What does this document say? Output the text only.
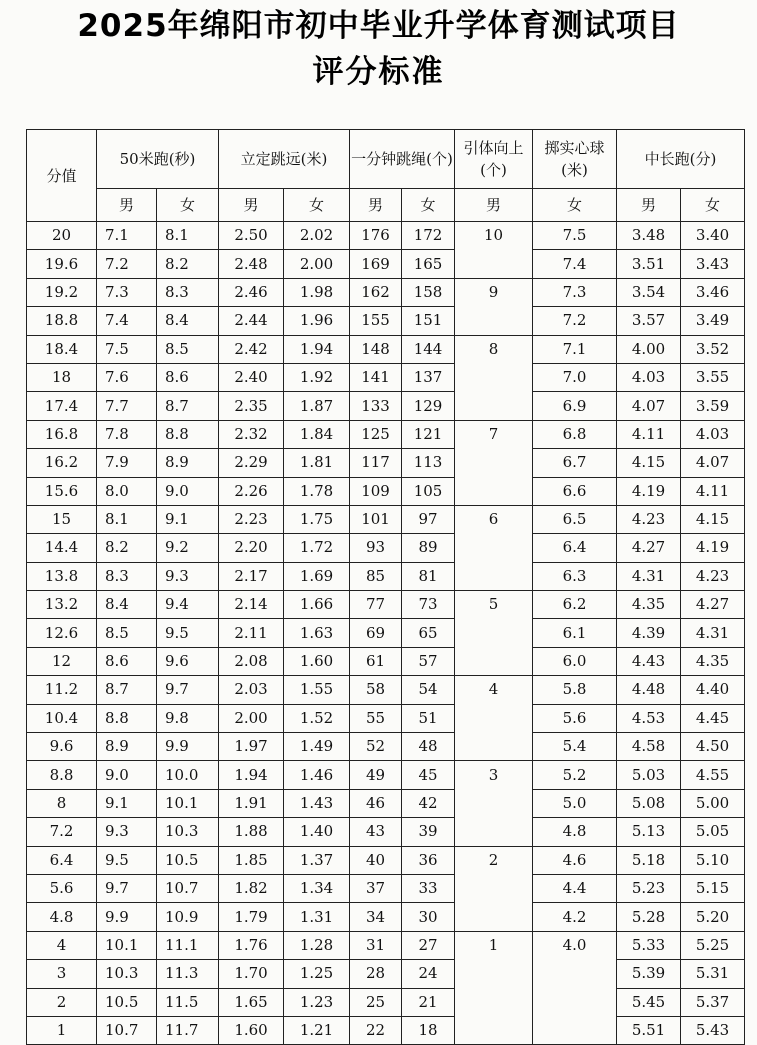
2025年绵阳市初中毕业升学体育测试项目
评分标准
分值	50米跑(秒)		立定跳远(米)		一分钟跳绳(个)		引体向上(个)	掷实心球(米)	中长跑(分)	
	男	女	男	女	男	女	男	女	男	女
20	7.1	8.1	2.50	2.02	176	172	10	7.5	3.48	3.40
19.6	7.2	8.2	2.48	2.00	169	165		7.4	3.51	3.43
19.2	7.3	8.3	2.46	1.98	162	158	9	7.3	3.54	3.46
18.8	7.4	8.4	2.44	1.96	155	151		7.2	3.57	3.49
18.4	7.5	8.5	2.42	1.94	148	144	8	7.1	4.00	3.52
18	7.6	8.6	2.40	1.92	141	137		7.0	4.03	3.55
17.4	7.7	8.7	2.35	1.87	133	129		6.9	4.07	3.59
16.8	7.8	8.8	2.32	1.84	125	121	7	6.8	4.11	4.03
16.2	7.9	8.9	2.29	1.81	117	113		6.7	4.15	4.07
15.6	8.0	9.0	2.26	1.78	109	105		6.6	4.19	4.11
15	8.1	9.1	2.23	1.75	101	97	6	6.5	4.23	4.15
14.4	8.2	9.2	2.20	1.72	93	89		6.4	4.27	4.19
13.8	8.3	9.3	2.17	1.69	85	81		6.3	4.31	4.23
13.2	8.4	9.4	2.14	1.66	77	73	5	6.2	4.35	4.27
12.6	8.5	9.5	2.11	1.63	69	65		6.1	4.39	4.31
12	8.6	9.6	2.08	1.60	61	57		6.0	4.43	4.35
11.2	8.7	9.7	2.03	1.55	58	54	4	5.8	4.48	4.40
10.4	8.8	9.8	2.00	1.52	55	51		5.6	4.53	4.45
9.6	8.9	9.9	1.97	1.49	52	48		5.4	4.58	4.50
8.8	9.0	10.0	1.94	1.46	49	45	3	5.2	5.03	4.55
8	9.1	10.1	1.91	1.43	46	42		5.0	5.08	5.00
7.2	9.3	10.3	1.88	1.40	43	39		4.8	5.13	5.05
6.4	9.5	10.5	1.85	1.37	40	36	2	4.6	5.18	5.10
5.6	9.7	10.7	1.82	1.34	37	33		4.4	5.23	5.15
4.8	9.9	10.9	1.79	1.31	34	30		4.2	5.28	5.20
4	10.1	11.1	1.76	1.28	31	27	1	4.0	5.33	5.25
3	10.3	11.3	1.70	1.25	28	24			5.39	5.31
2	10.5	11.5	1.65	1.23	25	21			5.45	5.37
1	10.7	11.7	1.60	1.21	22	18			5.51	5.43
